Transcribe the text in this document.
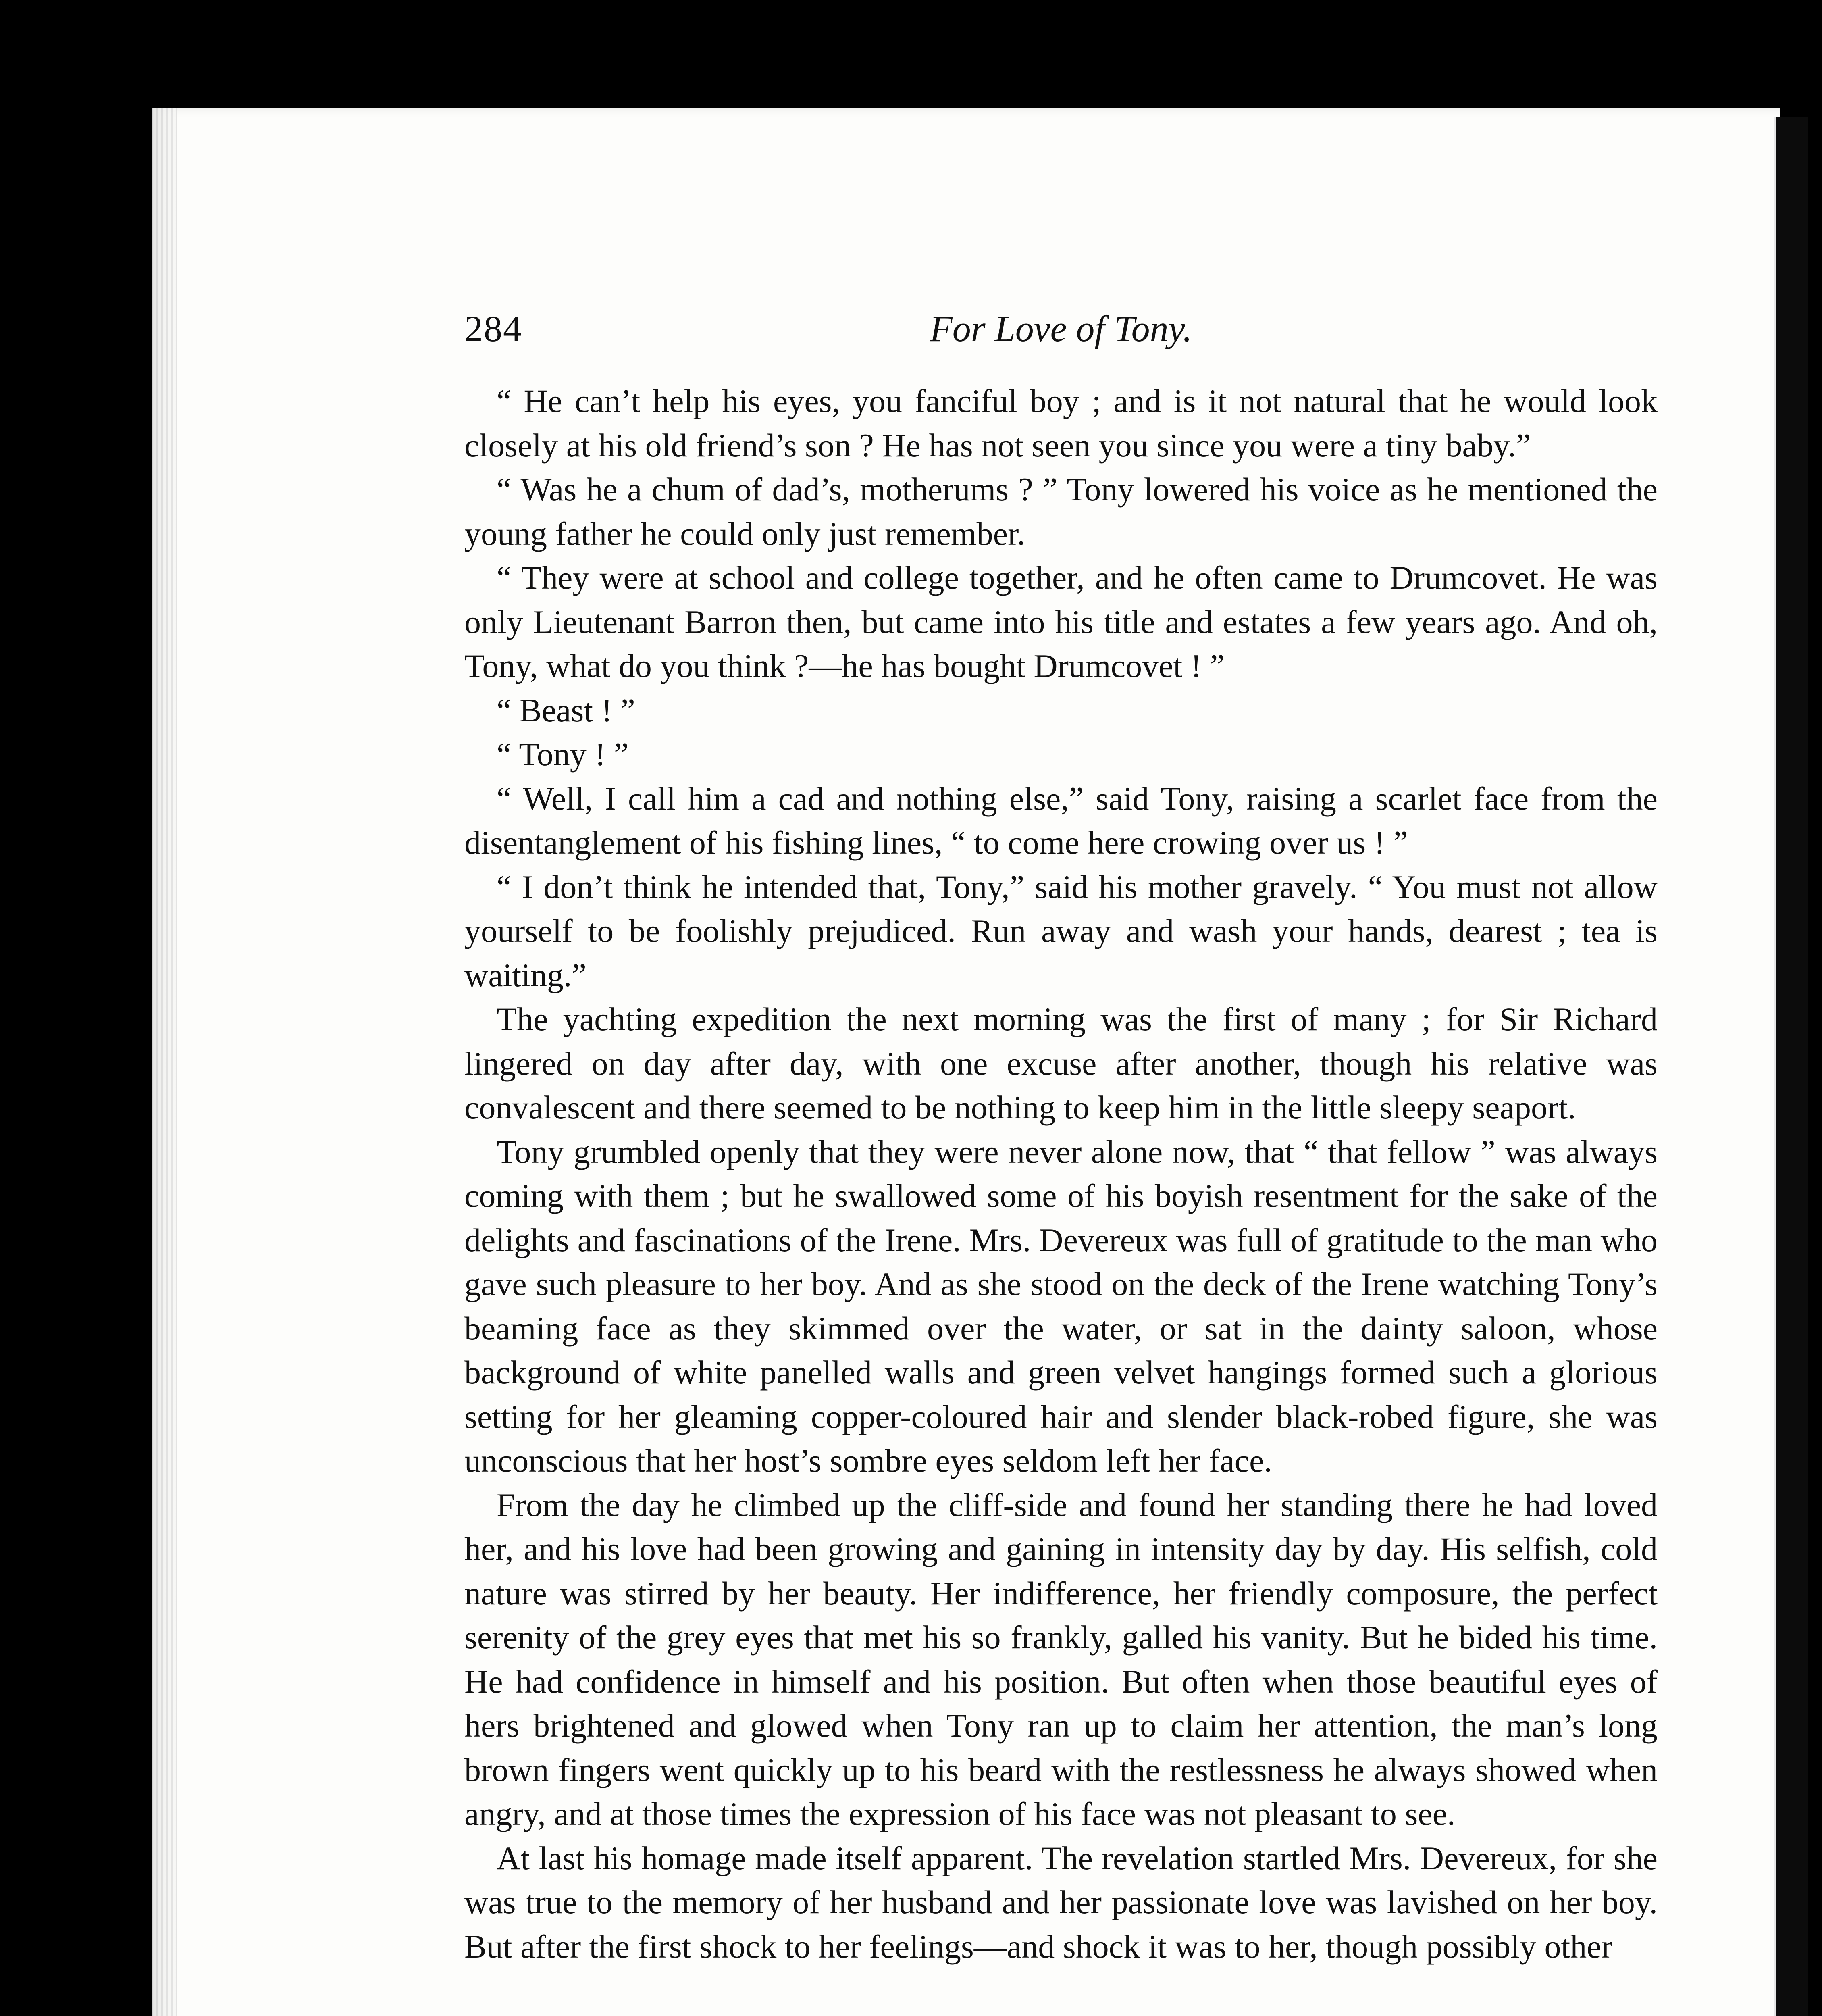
284	For Love of Tony.

“ He can’t help his eyes, you fanciful boy ; and is it not natural that he would look closely at his old friend’s son ? He has not seen you since you were a tiny baby.”

“ Was he a chum of dad’s, motherums ? ” Tony lowered his voice as he mentioned the young father he could only just remember.

“ They were at school and college together, and he often came to Drumcovet. He was only Lieutenant Barron then, but came into his title and estates a few years ago. And oh, Tony, what do you think ?—he has bought Drumcovet ! ”

“ Beast ! ”

“ Tony ! ”

“ Well, I call him a cad and nothing else,” said Tony, raising a scarlet face from the disentanglement of his fishing lines, “ to come here crowing over us ! ”

“ I don’t think he intended that, Tony,” said his mother gravely. “ You must not allow yourself to be foolishly prejudiced. Run away and wash your hands, dearest ; tea is waiting.”

The yachting expedition the next morning was the first of many ; for Sir Richard lingered on day after day, with one excuse after another, though his relative was convalescent and there seemed to be nothing to keep him in the little sleepy seaport.

Tony grumbled openly that they were never alone now, that “ that fellow ” was always coming with them ; but he swallowed some of his boyish resentment for the sake of the delights and fascinations of the Irene. Mrs. Devereux was full of gratitude to the man who gave such pleasure to her boy. And as she stood on the deck of the Irene watching Tony’s beaming face as they skimmed over the water, or sat in the dainty saloon, whose background of white panelled walls and green velvet hangings formed such a glorious setting for her gleaming copper-coloured hair and slender black-robed figure, she was unconscious that her host’s sombre eyes seldom left her face.

From the day he climbed up the cliff-side and found her standing there he had loved her, and his love had been growing and gaining in intensity day by day. His selfish, cold nature was stirred by her beauty. Her indifference, her friendly composure, the perfect serenity of the grey eyes that met his so frankly, galled his vanity. But he bided his time. He had confidence in himself and his position. But often when those beautiful eyes of hers brightened and glowed when Tony ran up to claim her attention, the man’s long brown fingers went quickly up to his beard with the restlessness he always showed when angry, and at those times the expression of his face was not pleasant to see.

At last his homage made itself apparent. The revelation startled Mrs. Devereux, for she was true to the memory of her husband and her passionate love was lavished on her boy. But after the first shock to her feelings—and shock it was to her, though possibly other
